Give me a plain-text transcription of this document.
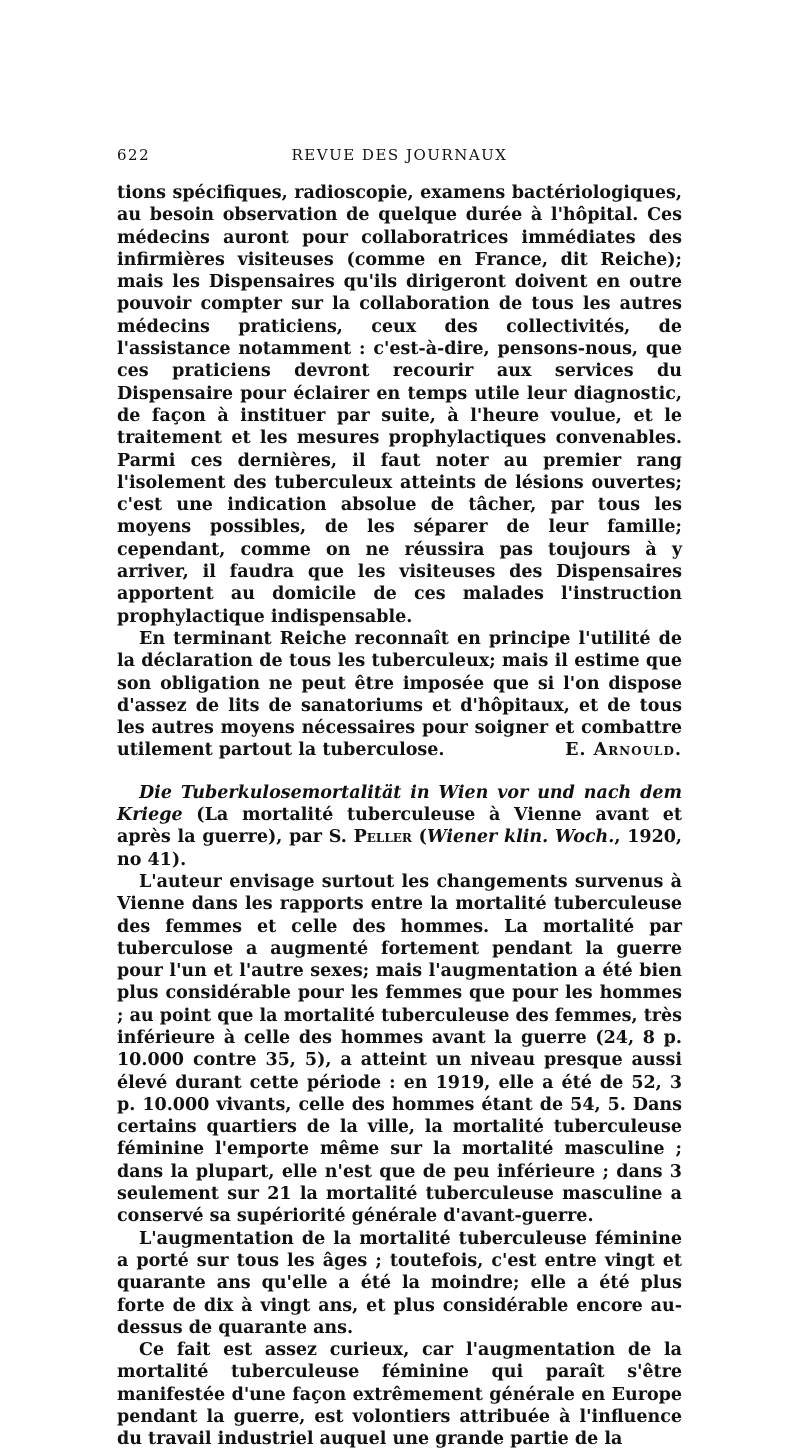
622	REVUE DES JOURNAUX

tions spécifiques, radioscopie, examens bactériologiques, au besoin observation de quelque durée à l'hôpital. Ces médecins auront pour collaboratrices immédiates des infirmières visiteuses (comme en France, dit Reiche); mais les Dispensaires qu'ils dirigeront doivent en outre pouvoir compter sur la collaboration de tous les autres médecins praticiens, ceux des collectivités, de l'assistance notamment : c'est-à-dire, pensons-nous, que ces praticiens devront recourir aux services du Dispensaire pour éclairer en temps utile leur diagnostic, de façon à instituer par suite, à l'heure voulue, et le traitement et les mesures prophylactiques convenables. Parmi ces dernières, il faut noter au premier rang l'isolement des tuberculeux atteints de lésions ouvertes; c'est une indication absolue de tâcher, par tous les moyens possibles, de les séparer de leur famille; cependant, comme on ne réussira pas toujours à y arriver, il faudra que les visiteuses des Dispensaires apportent au domicile de ces malades l'instruction prophylactique indispensable.

En terminant Reiche reconnaît en principe l'utilité de la déclaration de tous les tuberculeux; mais il estime que son obligation ne peut être imposée que si l'on dispose d'assez de lits de sanatoriums et d'hôpitaux, et de tous les autres moyens nécessaires pour soigner et combattre utilement partout la tuberculose.	E. Arnould.

Die Tuberkulosemortalität in Wien vor und nach dem Kriege (La mortalité tuberculeuse à Vienne avant et après la guerre), par S. Peller (Wiener klin. Woch., 1920, no 41).

L'auteur envisage surtout les changements survenus à Vienne dans les rapports entre la mortalité tuberculeuse des femmes et celle des hommes. La mortalité par tuberculose a augmenté fortement pendant la guerre pour l'un et l'autre sexes; mais l'augmentation a été bien plus considérable pour les femmes que pour les hommes ; au point que la mortalité tuberculeuse des femmes, très inférieure à celle des hommes avant la guerre (24, 8 p. 10.000 contre 35, 5), a atteint un niveau presque aussi élevé durant cette période : en 1919, elle a été de 52, 3 p. 10.000 vivants, celle des hommes étant de 54, 5. Dans certains quartiers de la ville, la mortalité tuberculeuse féminine l'emporte même sur la mortalité masculine ; dans la plupart, elle n'est que de peu inférieure ; dans 3 seulement sur 21 la mortalité tuberculeuse masculine a conservé sa supériorité générale d'avant-guerre.

L'augmentation de la mortalité tuberculeuse féminine a porté sur tous les âges ; toutefois, c'est entre vingt et quarante ans qu'elle a été la moindre; elle a été plus forte de dix à vingt ans, et plus considérable encore au-dessus de quarante ans.

Ce fait est assez curieux, car l'augmentation de la mortalité tuberculeuse féminine qui paraît s'être manifestée d'une façon extrêmement générale en Europe pendant la guerre, est volontiers attribuée à l'influence du travail industriel auquel une grande partie de la
